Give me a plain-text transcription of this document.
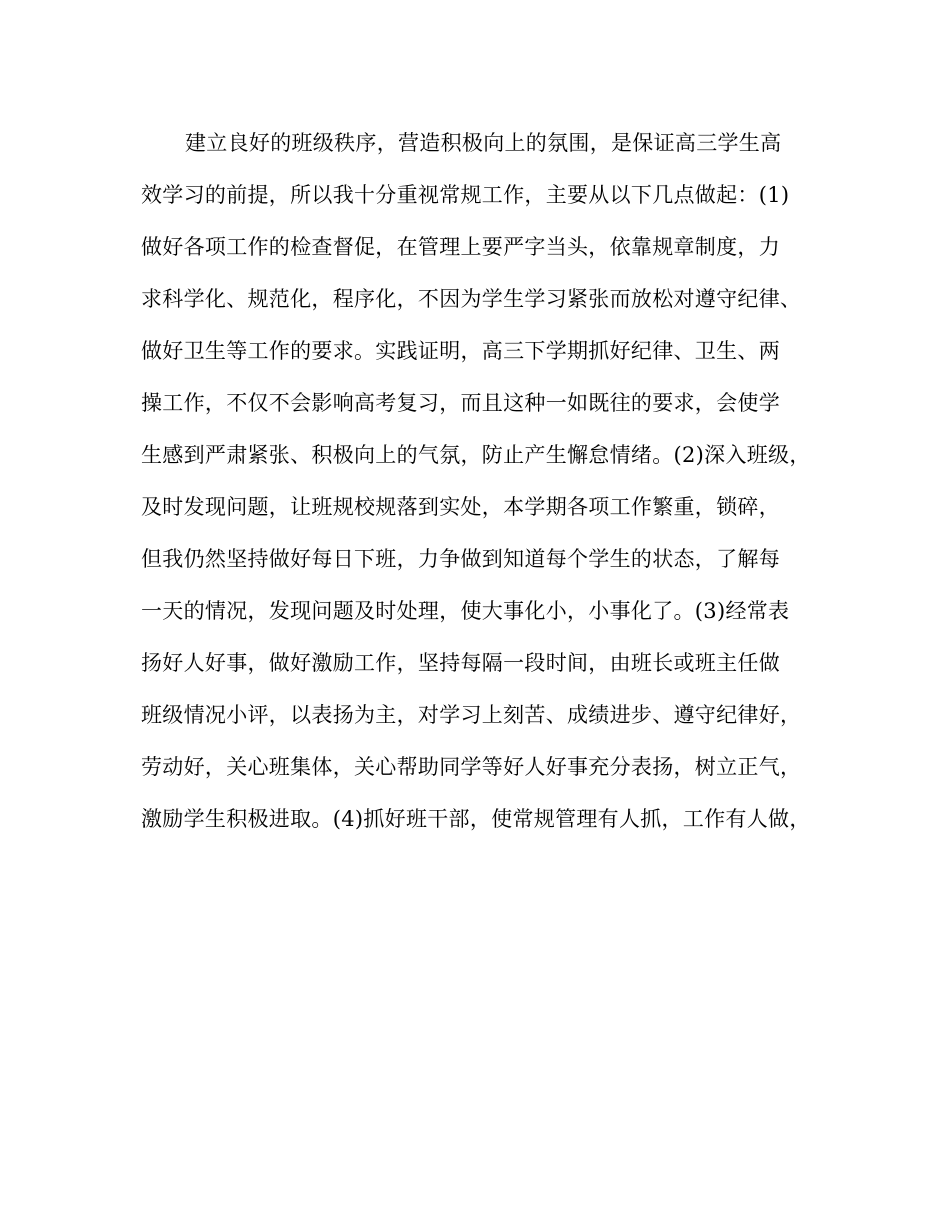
建立良好的班级秩序，营造积极向上的氛围，是保证高三学生高
效学习的前提，所以我十分重视常规工作，主要从以下几点做起：(1)
做好各项工作的检查督促，在管理上要严字当头，依靠规章制度，力
求科学化、规范化，程序化，不因为学生学习紧张而放松对遵守纪律、
做好卫生等工作的要求。实践证明，高三下学期抓好纪律、卫生、两
操工作，不仅不会影响高考复习，而且这种一如既往的要求，会使学
生感到严肃紧张、积极向上的气氛，防止产生懈怠情绪。(2)深入班级，
及时发现问题，让班规校规落到实处，本学期各项工作繁重，锁碎，
但我仍然坚持做好每日下班，力争做到知道每个学生的状态，了解每
一天的情况，发现问题及时处理，使大事化小，小事化了。(3)经常表
扬好人好事，做好激励工作，坚持每隔一段时间，由班长或班主任做
班级情况小评，以表扬为主，对学习上刻苦、成绩进步、遵守纪律好，
劳动好，关心班集体，关心帮助同学等好人好事充分表扬，树立正气，
激励学生积极进取。(4)抓好班干部，使常规管理有人抓，工作有人做，
